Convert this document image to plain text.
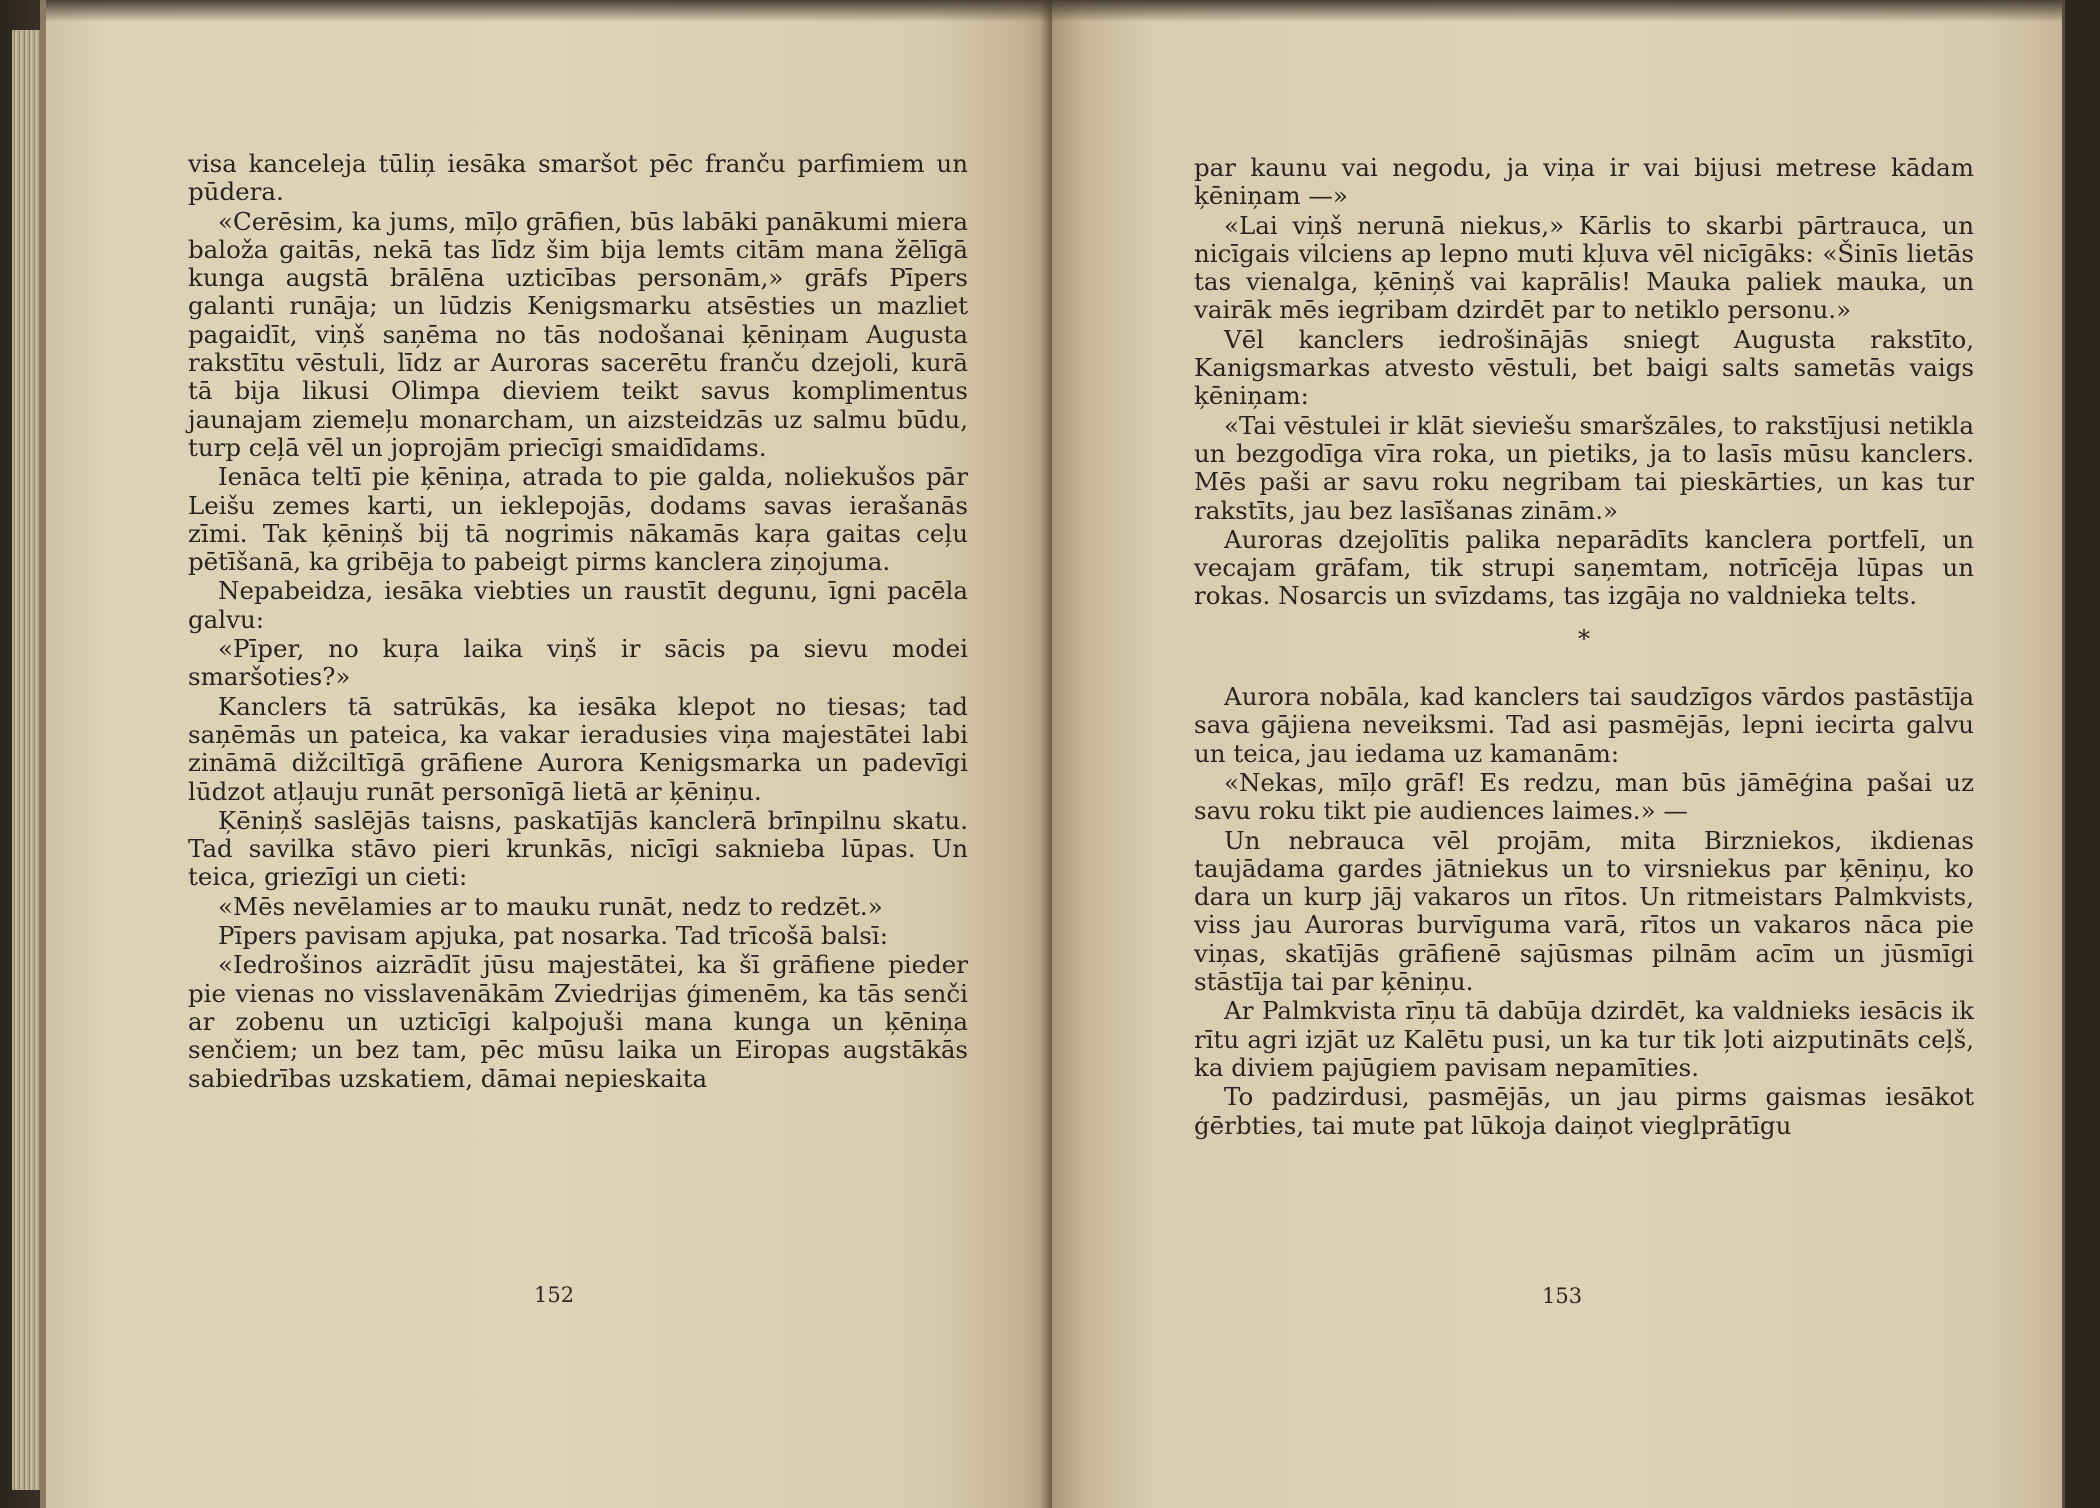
visa kanceleja tūliņ iesāka smaršot pēc franču parfimiem un pūdera.

«Cerēsim, ka jums, mīļo grāfien, būs labāki panākumi miera baloža gaitās, nekā tas līdz šim bija lemts citām mana žēlīgā kunga augstā brālēna uzticības personām,» grāfs Pīpers galanti runāja; un lūdzis Kenigsmarku atsēsties un mazliet pagaidīt, viņš saņēma no tās nodošanai ķēniņam Augusta rakstītu vēstuli, līdz ar Auroras sacerētu franču dzejoli, kurā tā bija likusi Olimpa dieviem teikt savus komplimentus jaunajam ziemeļu monarcham, un aizsteidzās uz salmu būdu, turp ceļā vēl un joprojām priecīgi smaidīdams.

Ienāca teltī pie ķēniņa, atrada to pie galda, noliekušos pār Leišu zemes karti, un ieklepojās, dodams savas ierašanās zīmi. Tak ķēniņš bij tā nogrimis nākamās kaŗa gaitas ceļu pētīšanā, ka gribēja to pabeigt pirms kanclera ziņojuma.

Nepabeidza, iesāka viebties un raustīt degunu, īgni pacēla galvu:

«Pīper, no kuŗa laika viņš ir sācis pa sievu modei smaršoties?»

Kanclers tā satrūkās, ka iesāka klepot no tiesas; tad saņēmās un pateica, ka vakar ieradusies viņa majestātei labi zināmā dižciltīgā grāfiene Aurora Kenigsmarka un padevīgi lūdzot atļauju runāt personīgā lietā ar ķēniņu.

Ķēniņš saslējās taisns, paskatījās kanclerā brīnpilnu skatu. Tad savilka stāvo pieri krunkās, nicīgi saknieba lūpas. Un teica, griezīgi un cieti:

«Mēs nevēlamies ar to mauku runāt, nedz to redzēt.»

Pīpers pavisam apjuka, pat nosarka. Tad trīcošā balsī:

«Iedrošinos aizrādīt jūsu majestātei, ka šī grāfiene pieder pie vienas no visslavenākām Zviedrijas ģimenēm, ka tās senči ar zobenu un uzticīgi kalpojuši mana kunga un ķēniņa senčiem; un bez tam, pēc mūsu laika un Eiropas augstākās sabiedrības uzskatiem, dāmai nepieskaita

152

par kaunu vai negodu, ja viņa ir vai bijusi metrese kādam ķēniņam —»

«Lai viņš nerunā niekus,» Kārlis to skarbi pārtrauca, un nicīgais vilciens ap lepno muti kļuva vēl nicīgāks: «Šinīs lietās tas vienalga, ķēniņš vai kaprālis! Mauka paliek mauka, un vairāk mēs iegribam dzirdēt par to netiklo personu.»

Vēl kanclers iedrošinājās sniegt Augusta rakstīto, Kanigsmarkas atvesto vēstuli, bet baigi salts sametās vaigs ķēniņam:

«Tai vēstulei ir klāt sieviešu smaršzāles, to rakstījusi netikla un bezgodīga vīra roka, un pietiks, ja to lasīs mūsu kanclers. Mēs paši ar savu roku negribam tai pieskārties, un kas tur rakstīts, jau bez lasīšanas zinām.»

Auroras dzejolītis palika neparādīts kanclera portfelī, un vecajam grāfam, tik strupi saņemtam, notrīcēja lūpas un rokas. Nosarcis un svīzdams, tas izgāja no valdnieka telts.

*

Aurora nobāla, kad kanclers tai saudzīgos vārdos pastāstīja sava gājiena neveiksmi. Tad asi pasmējās, lepni iecirta galvu un teica, jau iedama uz kamanām:

«Nekas, mīļo grāf! Es redzu, man būs jāmēģina pašai uz savu roku tikt pie audiences laimes.» —

Un nebrauca vēl projām, mita Birzniekos, ikdienas taujādama gardes jātniekus un to virsniekus par ķēniņu, ko dara un kurp jāj vakaros un rītos. Un ritmeistars Palmkvists, viss jau Auroras burvīguma varā, rītos un vakaros nāca pie viņas, skatījās grāfienē sajūsmas pilnām acīm un jūsmīgi stāstīja tai par ķēniņu.

Ar Palmkvista rīņu tā dabūja dzirdēt, ka valdnieks iesācis ik rītu agri izjāt uz Kalētu pusi, un ka tur tik ļoti aizputināts ceļš, ka diviem pajūgiem pavisam nepamīties.

To padzirdusi, pasmējās, un jau pirms gaismas iesākot ģērbties, tai mute pat lūkoja daiņot vieglprātīgu

153
